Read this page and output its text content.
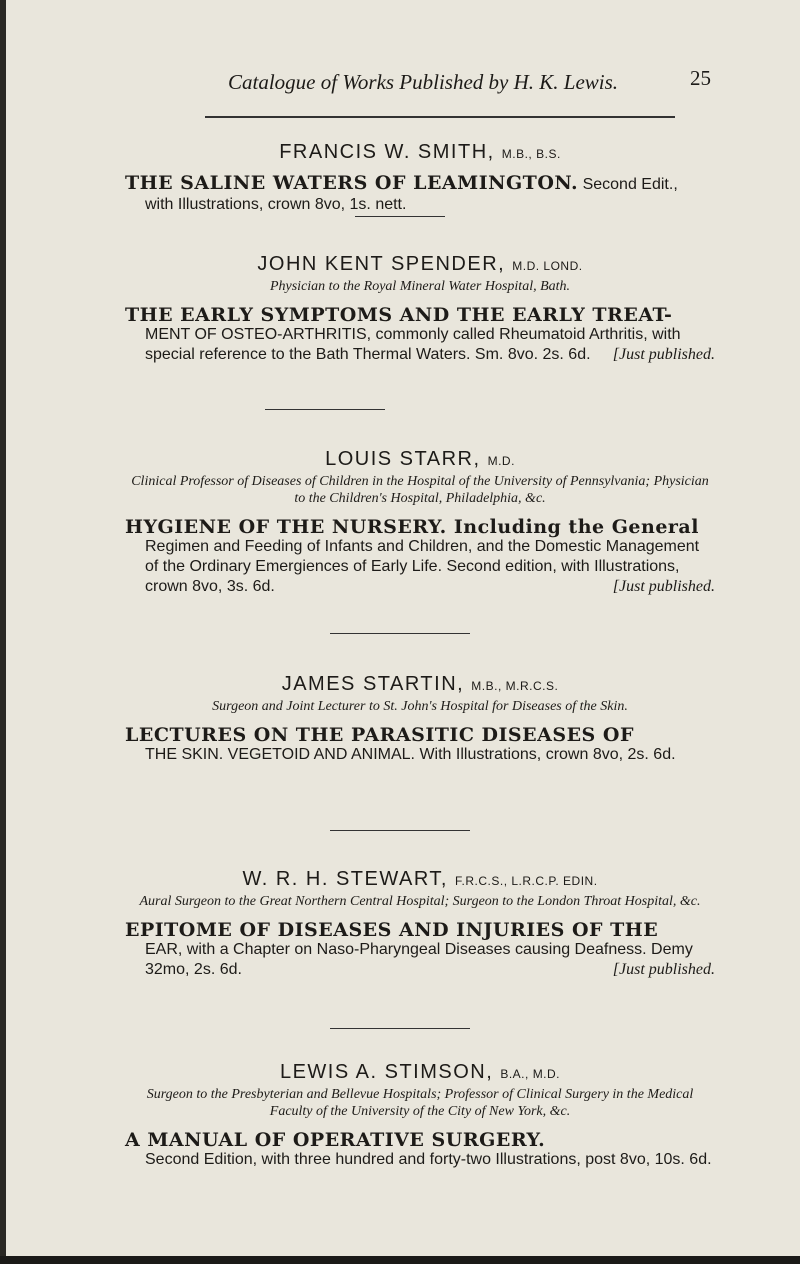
Catalogue of Works Published by H. K. Lewis.	25

FRANCIS W. SMITH, M.B., B.S.

THE SALINE WATERS OF LEAMINGTON. Second Edit.,

with Illustrations, crown 8vo, 1s. nett.

JOHN KENT SPENDER, M.D. LOND.

Physician to the Royal Mineral Water Hospital, Bath.

THE EARLY SYMPTOMS AND THE EARLY TREAT-

MENT OF OSTEO-ARTHRITIS, commonly called Rheumatoid Arthritis, with special reference to the Bath Thermal Waters. Sm. 8vo. 2s. 6d. [Just published.

LOUIS STARR, M.D.

Clinical Professor of Diseases of Children in the Hospital of the University of Pennsylvania; Physician to the Children's Hospital, Philadelphia, &c.

HYGIENE OF THE NURSERY. Including the General

Regimen and Feeding of Infants and Children, and the Domestic Management of the Ordinary Emergiences of Early Life. Second edition, with Illustrations, crown 8vo, 3s. 6d.	[Just published.

JAMES STARTIN, M.B., M.R.C.S.

Surgeon and Joint Lecturer to St. John's Hospital for Diseases of the Skin.

LECTURES ON THE PARASITIC DISEASES OF

THE SKIN. VEGETOID AND ANIMAL. With Illustrations, crown 8vo, 2s. 6d.

W. R. H. STEWART, F.R.C.S., L.R.C.P. EDIN.

Aural Surgeon to the Great Northern Central Hospital; Surgeon to the London Throat Hospital, &c.

EPITOME OF DISEASES AND INJURIES OF THE

EAR, with a Chapter on Naso-Pharyngeal Diseases causing Deafness. Demy 32mo, 2s. 6d.	[Just published.

LEWIS A. STIMSON, B.A., M.D.

Surgeon to the Presbyterian and Bellevue Hospitals; Professor of Clinical Surgery in the Medical Faculty of the University of the City of New York, &c.

A MANUAL OF OPERATIVE SURGERY.

Second Edition, with three hundred and forty-two Illustrations, post 8vo, 10s. 6d.
